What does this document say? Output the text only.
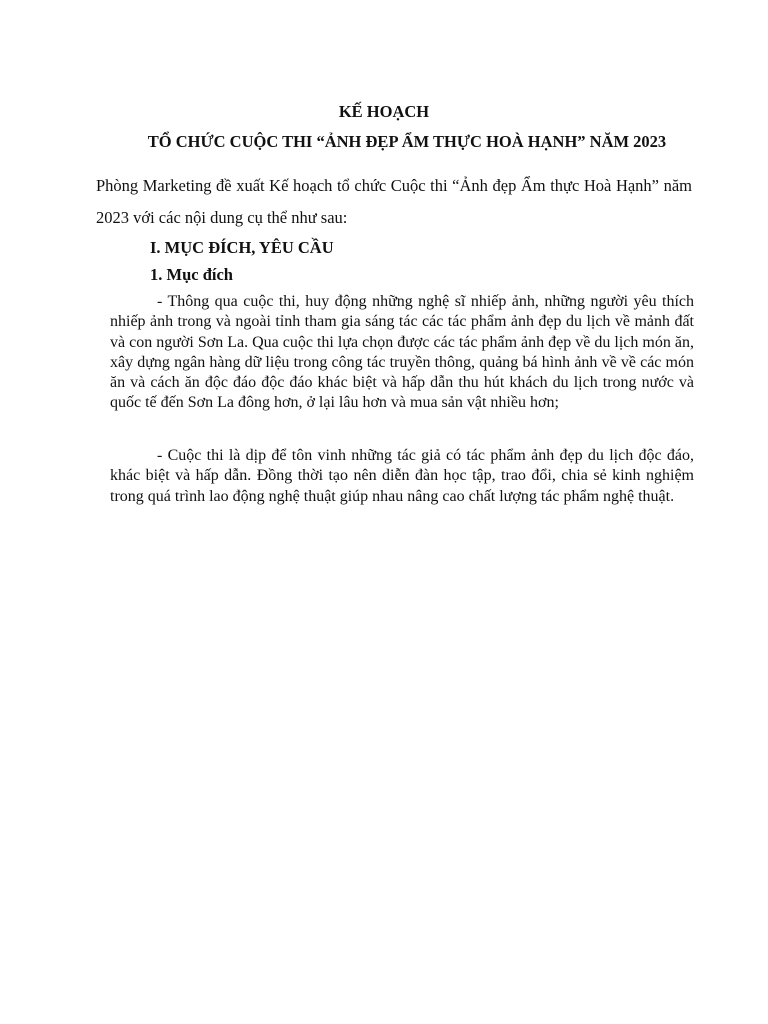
KẾ HOẠCH
TỔ CHỨC CUỘC THI “ẢNH ĐẸP ẨM THỰC HOÀ HẠNH” NĂM 2023
Phòng Marketing đề xuất Kế hoạch tổ chức Cuộc thi “Ảnh đẹp Ẩm thực Hoà Hạnh” năm 2023 với các nội dung cụ thể như sau:
I. MỤC ĐÍCH, YÊU CẦU
1. Mục đích

- Thông qua cuộc thi, huy động những nghệ sĩ nhiếp ảnh, những người yêu thích nhiếp ảnh trong và ngoài tỉnh tham gia sáng tác các tác phẩm ảnh đẹp du lịch về mảnh đất và con người Sơn La. Qua cuộc thi lựa chọn được các tác phẩm ảnh đẹp về du lịch món ăn, xây dựng ngân hàng dữ liệu trong công tác truyền thông, quảng bá hình ảnh về về các món ăn và cách ăn độc đáo độc đáo khác biệt và hấp dẫn thu hút khách du lịch trong nước và quốc tế đến Sơn La đông hơn, ở lại lâu hơn và mua sản vật nhiều hơn;

- Cuộc thi là dịp để tôn vinh những tác giả có tác phẩm ảnh đẹp du lịch độc đáo, khác biệt và hấp dẫn. Đồng thời tạo nên diễn đàn học tập, trao đổi, chia sẻ kinh nghiệm trong quá trình lao động nghệ thuật giúp nhau nâng cao chất lượng tác phẩm nghệ thuật.
